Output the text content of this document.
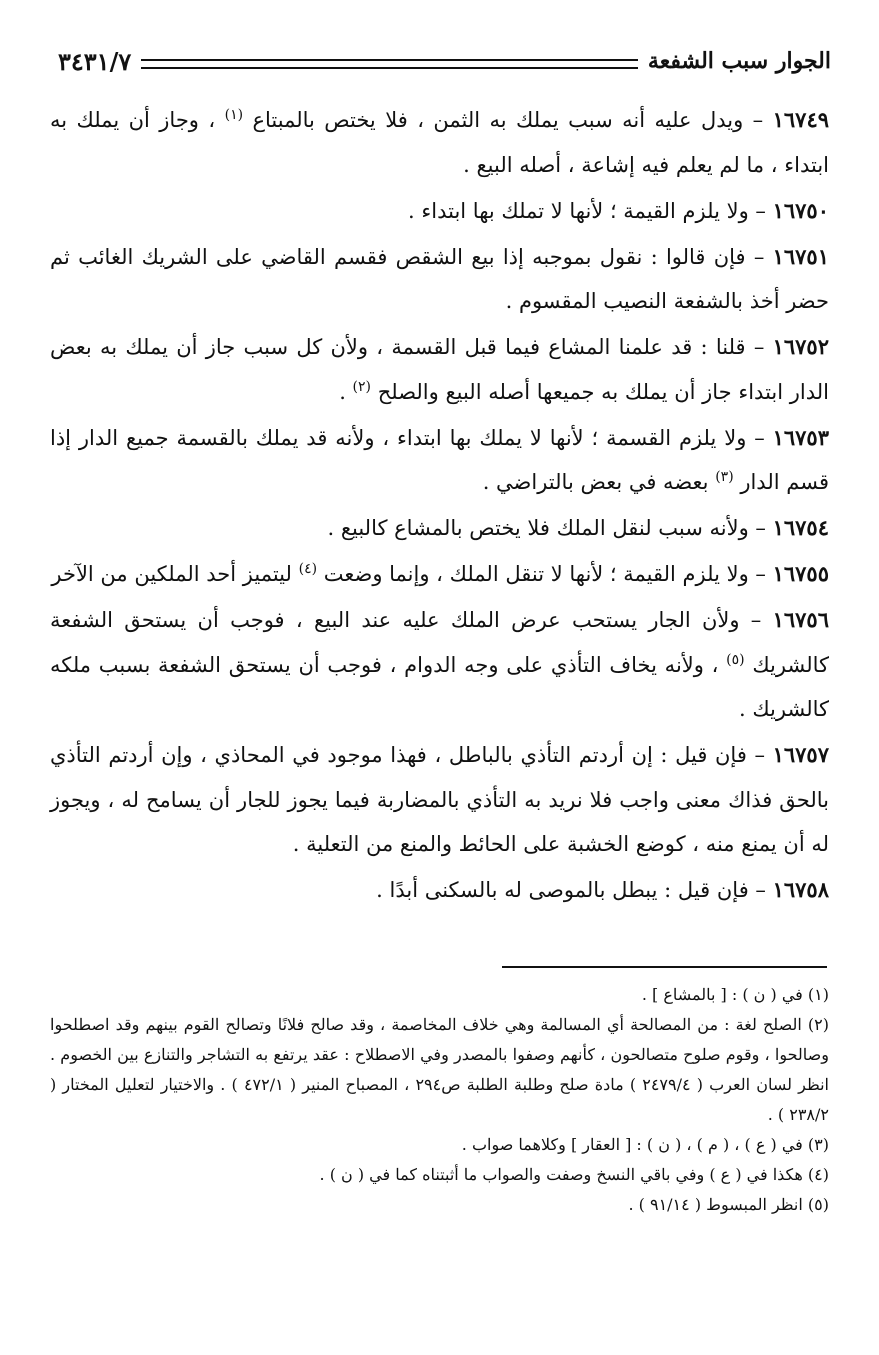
الجوار سبب الشفعة
٣٤٣١/٧

١٦٧٤٩ – ويدل عليه أنه سبب يملك به الثمن ، فلا يختص بالمبتاع $^{(١)}$ ، وجاز أن يملك به ابتداء ، ما لم يعلم فيه إشاعة ، أصله البيع .

١٦٧٥٠ – ولا يلزم القيمة ؛ لأنها لا تملك بها ابتداء .

١٦٧٥١ – فإن قالوا : نقول بموجبه إذا بيع الشقص فقسم القاضي على الشريك الغائب ثم حضر أخذ بالشفعة النصيب المقسوم .

١٦٧٥٢ – قلنا : قد علمنا المشاع فيما قبل القسمة ، ولأن كل سبب جاز أن يملك به بعض الدار ابتداء جاز أن يملك به جميعها أصله البيع والصلح $^{(٢)}$ .

١٦٧٥٣ – ولا يلزم القسمة ؛ لأنها لا يملك بها ابتداء ، ولأنه قد يملك بالقسمة جميع الدار إذا قسم الدار $^{(٣)}$ بعضه في بعض بالتراضي .

١٦٧٥٤ – ولأنه سبب لنقل الملك فلا يختص بالمشاع كالبيع .

١٦٧٥٥ – ولا يلزم القيمة ؛ لأنها لا تنقل الملك ، وإنما وضعت $^{(٤)}$ ليتميز أحد الملكين من الآخر

١٦٧٥٦ – ولأن الجار يستحب عرض الملك عليه عند البيع ، فوجب أن يستحق الشفعة كالشريك $^{(٥)}$ ، ولأنه يخاف التأذي على وجه الدوام ، فوجب أن يستحق الشفعة بسبب ملكه كالشريك .

١٦٧٥٧ – فإن قيل : إن أردتم التأذي بالباطل ، فهذا موجود في المحاذي ، وإن أردتم التأذي بالحق فذاك معنى واجب فلا نريد به التأذي بالمضاربة فيما يجوز للجار أن يسامح له ، ويجوز له أن يمنع منه ، كوضع الخشبة على الحائط والمنع من التعلية .

١٦٧٥٨ – فإن قيل : يبطل بالموصى له بالسكنى أبدًا .

(١) في ( ن ) : [ بالمشاع ] .

(٢) الصلح لغة : من المصالحة أي المسالمة وهي خلاف المخاصمة ، وقد صالح فلانًا وتصالح القوم بينهم وقد اصطلحوا وصالحوا ، وقوم صلوح متصالحون ، كأنهم وصفوا بالمصدر وفي الاصطلاح : عقد يرتفع به التشاجر والتنازع بين الخصوم . انظر لسان العرب ( ٢٤٧٩/٤ ) مادة صلح وطلبة الطلبة ص٢٩٤ ، المصباح المنير ( ٤٧٢/١ ) . والاختيار لتعليل المختار ( ٢٣٨/٢ ) .

(٣) في ( ع ) ، ( م ) ، ( ن ) : [ العقار ] وكلاهما صواب .

(٤) هكذا في ( ع ) وفي باقي النسخ وصفت والصواب ما أثبتناه كما في ( ن ) .

(٥) انظر المبسوط ( ٩١/١٤ ) .
